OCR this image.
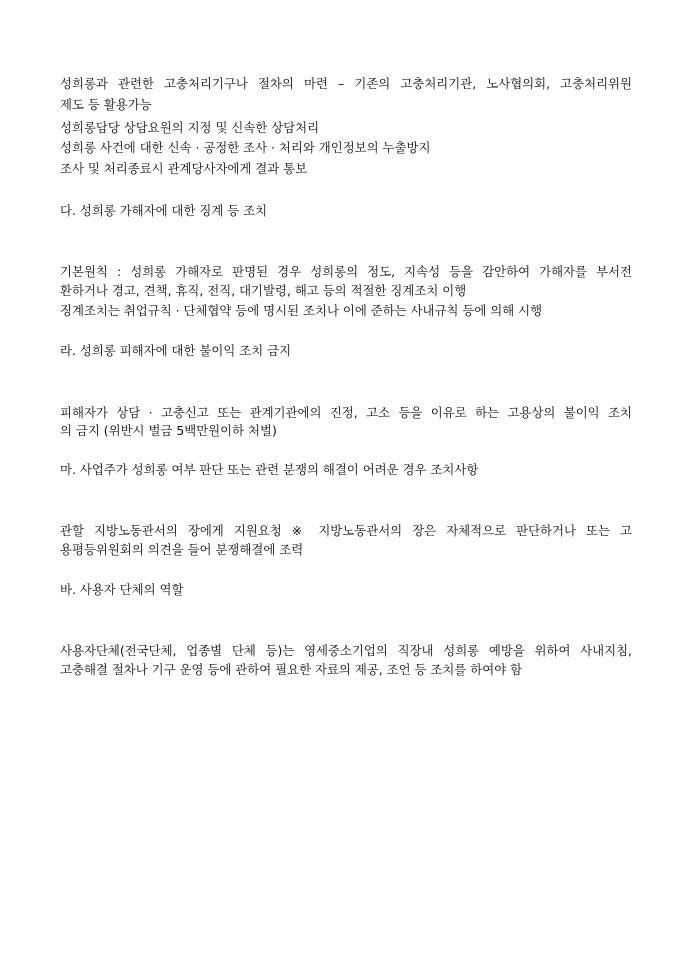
성희롱과 관련한 고충처리기구나 절차의 마련 – 기존의 고충처리기관, 노사협의회, 고충처리위원
제도 등 활용가능
성희롱담당 상담요원의 지정 및 신속한 상담처리
성희롱 사건에 대한 신속 · 공정한 조사 · 처리와 개인정보의 누출방지
조사 및 처리종료시 관계당사자에게 결과 통보
다. 성희롱 가해자에 대한 징계 등 조치
기본원칙 : 성희롱 가해자로 판명된 경우 성희롱의 정도, 지속성 등을 감안하여 가해자를 부서전
환하거나 경고, 견책, 휴직, 전직, 대기발령, 해고 등의 적절한 징계조치 이행
징계조치는 취업규칙 · 단체협약 등에 명시된 조치나 이에 준하는 사내규칙 등에 의해 시행
라. 성희롱 피해자에 대한 불이익 조치 금지
피해자가 상담 · 고충신고 또는 관계기관에의 진정, 고소 등을 이유로 하는 고용상의 불이익 조치
의 금지 (위반시 벌금 5백만원이하 처벌)
마. 사업주가 성희롱 여부 판단 또는 관련 분쟁의 해결이 어려운 경우 조치사항
관할 지방노동관서의 장에게 지원요청 ※ 지방노동관서의 장은 자체적으로 판단하거나 또는 고
용평등위원회의 의견을 들어 분쟁해결에 조력
바. 사용자 단체의 역할
사용자단체(전국단체, 업종별 단체 등)는 영세중소기업의 직장내 성희롱 예방을 위하여 사내지침,
고충해결 절차나 기구 운영 등에 관하여 필요한 자료의 제공, 조언 등 조치를 하여야 함
